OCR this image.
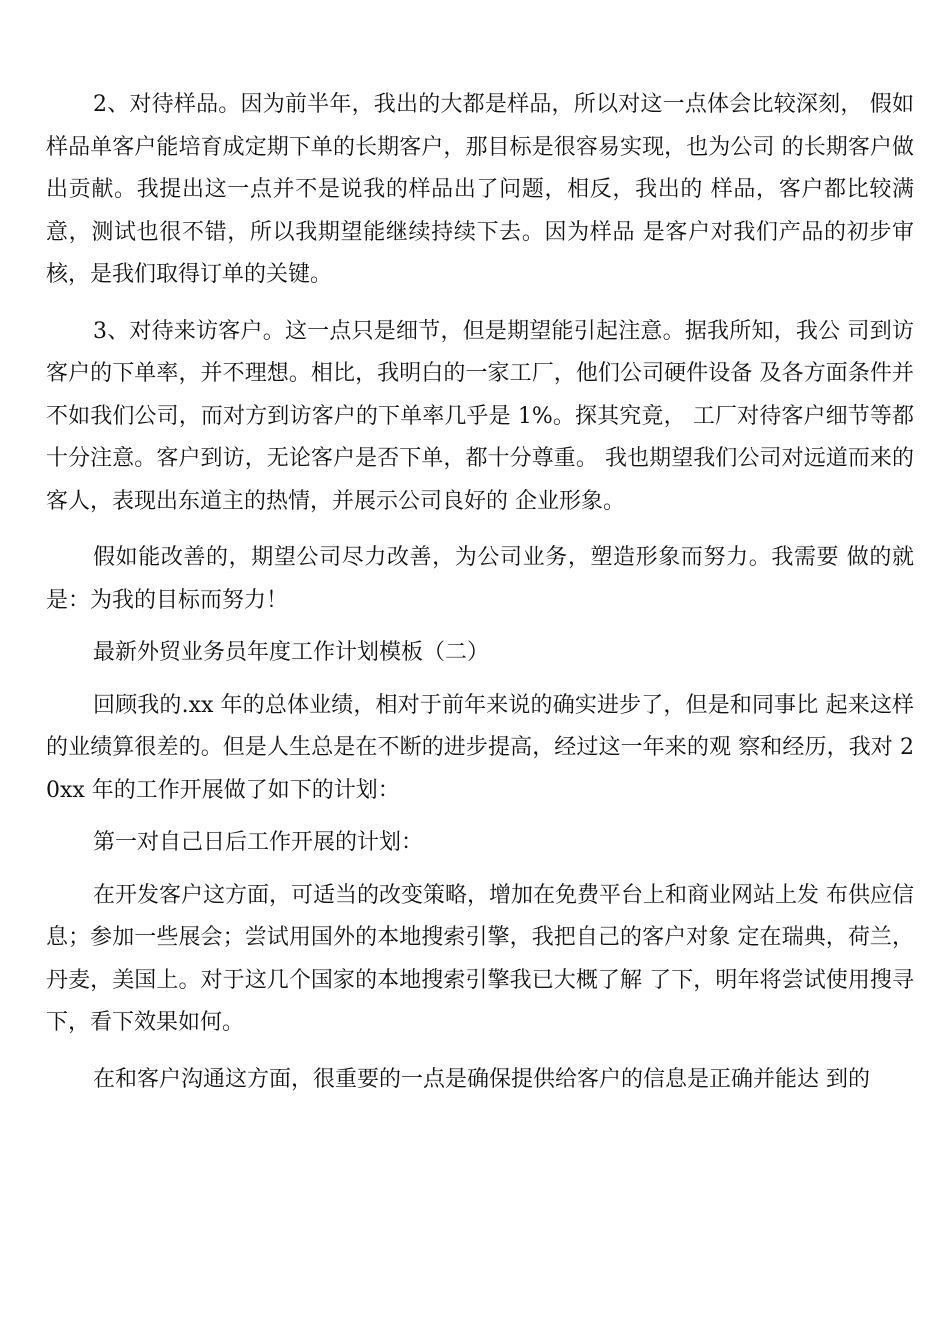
2、对待样品。因为前半年，我出的大都是样品，所以对这一点体会比较深刻， 假如样品单客户能培育成定期下单的长期客户，那目标是很容易实现，也为公司 的长期客户做出贡献。我提出这一点并不是说我的样品出了问题，相反，我出的 样品，客户都比较满意，测试也很不错，所以我期望能继续持续下去。因为样品 是客户对我们产品的初步审核，是我们取得订单的关键。

3、对待来访客户。这一点只是细节，但是期望能引起注意。据我所知，我公 司到访客户的下单率，并不理想。相比，我明白的一家工厂，他们公司硬件设备 及各方面条件并不如我们公司，而对方到访客户的下单率几乎是 1%。探其究竟， 工厂对待客户细节等都十分注意。客户到访，无论客户是否下单，都十分尊重。 我也期望我们公司对远道而来的客人，表现出东道主的热情，并展示公司良好的 企业形象。

假如能改善的，期望公司尽力改善，为公司业务，塑造形象而努力。我需要 做的就是：为我的目标而努力！

最新外贸业务员年度工作计划模板（二）

回顾我的.xx 年的总体业绩，相对于前年来说的确实进步了，但是和同事比 起来这样的业绩算很差的。但是人生总是在不断的进步提高，经过这一年来的观 察和经历，我对 20xx 年的工作开展做了如下的计划：

第一对自己日后工作开展的计划：

在开发客户这方面，可适当的改变策略，增加在免费平台上和商业网站上发 布供应信息；参加一些展会；尝试用国外的本地搜索引擎，我把自己的客户对象 定在瑞典，荷兰，丹麦，美国上。对于这几个国家的本地搜索引擎我已大概了解 了下，明年将尝试使用搜寻下，看下效果如何。

在和客户沟通这方面，很重要的一点是确保提供给客户的信息是正确并能达 到的
